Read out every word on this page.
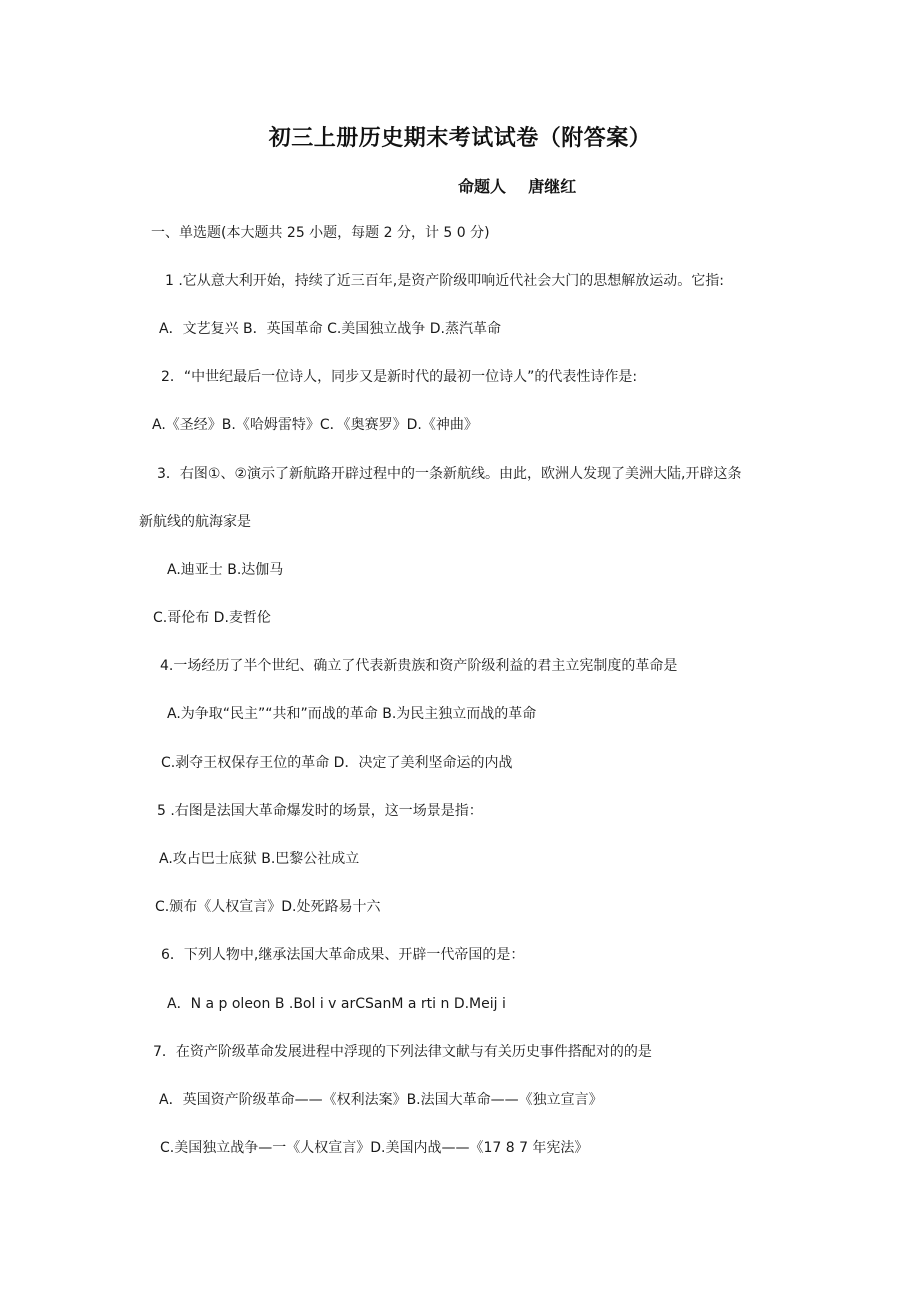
初三上册历史期末考试试卷（附答案）
命题人    唐继红
一、单选题(本大题共 25 小题，每题 2 分，计 5 0 分)
1 .它从意大利开始，持续了近三百年,是资产阶级叩响近代社会大门的思想解放运动。它指:
A．文艺复兴 B．英国革命 C.美国独立战争 D.蒸汽革命
2．“中世纪最后一位诗人，同步又是新时代的最初一位诗人”的代表性诗作是:
A.《圣经》B.《哈姆雷特》C．《奥赛罗》D.《神曲》
3．右图①、②演示了新航路开辟过程中的一条新航线。由此，欧洲人发现了美洲大陆,开辟这条
新航线的航海家是
A.迪亚士 B.达伽马
C.哥伦布 D.麦哲伦
4.一场经历了半个世纪、确立了代表新贵族和资产阶级利益的君主立宪制度的革命是
A.为争取“民主”“共和”而战的革命 B.为民主独立而战的革命
C.剥夺王权保存王位的革命 D．决定了美利坚命运的内战
5 .右图是法国大革命爆发时的场景，这一场景是指：
A.攻占巴士底狱 B.巴黎公社成立
C.颁布《人权宣言》D.处死路易十六
6．下列人物中,继承法国大革命成果、开辟一代帝国的是：
A．N a p oleon B .Bol i v arCSanM a rti n D.Meij i
7．在资产阶级革命发展进程中浮现的下列法律文献与有关历史事件搭配对的的是
A．英国资产阶级革命——《权利法案》B.法国大革命——《独立宣言》
C.美国独立战争—一《人权宣言》D.美国内战——《17 8 7 年宪法》
